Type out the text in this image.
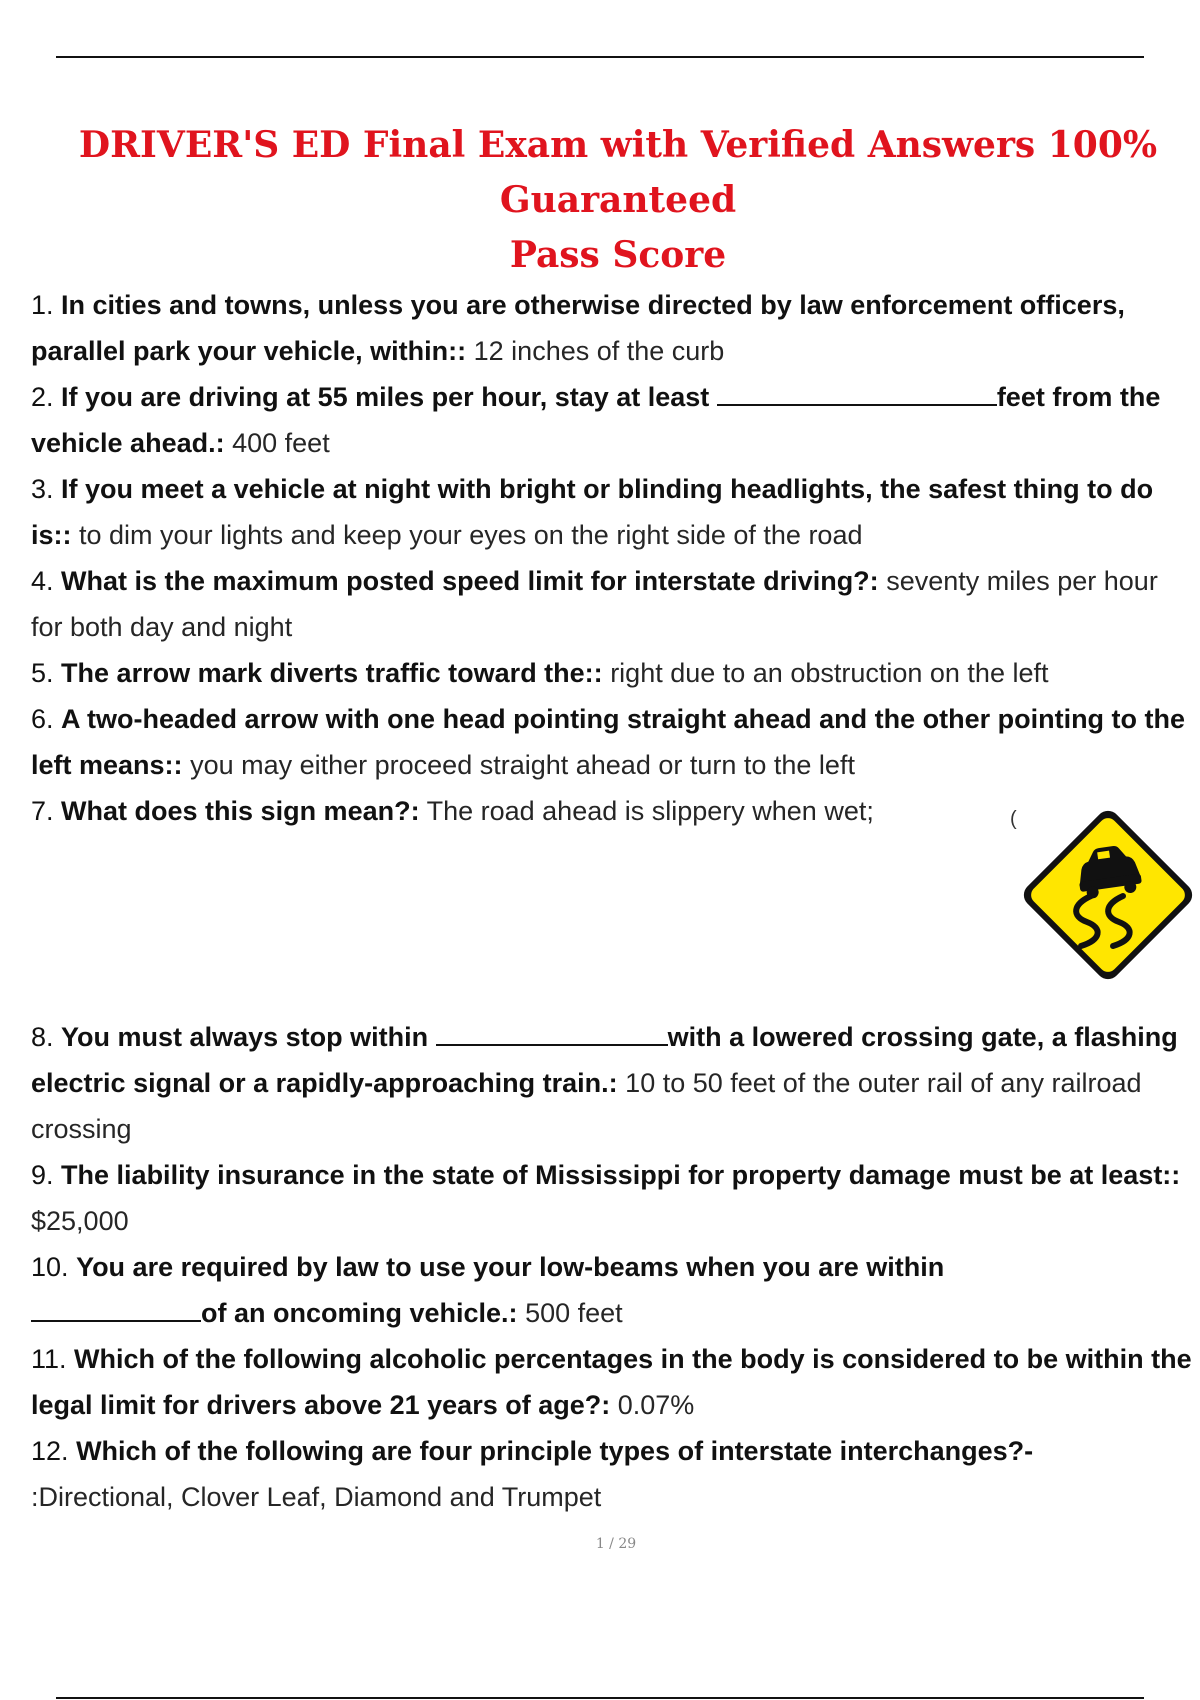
DRIVER'S ED Final Exam with Verified Answers 100% Guaranteed
Pass Score

1. In cities and towns, unless you are otherwise directed by law enforcement officers, parallel park your vehicle, within:: 12 inches of the curb

2. If you are driving at 55 miles per hour, stay at least	feet from the vehicle ahead.: 400 feet

3. If you meet a vehicle at night with bright or blinding headlights, the safest thing to do is:: to dim your lights and keep your eyes on the right side of the road

4. What is the maximum posted speed limit for interstate driving?: seventy miles per hour for both day and night

5. The arrow mark diverts traffic toward the:: right due to an obstruction on the left

6. A two-headed arrow with one head pointing straight ahead and the other pointing to the left means:: you may either proceed straight ahead or turn to the left

7. What does this sign mean?: The road ahead is slippery when wet;

8. You must always stop within	with a lowered crossing gate, a flashing electric signal or a rapidly-approaching train.: 10 to 50 feet of the outer rail of any railroad crossing

9. The liability insurance in the state of Mississippi for property damage must be at least:: $25,000

10. You are required by law to use your low-beams when you are within
of an oncoming vehicle.: 500 feet

11. Which of the following alcoholic percentages in the body is considered to be within the legal limit for drivers above 21 years of age?: 0.07%

12. Which of the following are four principle types of interstate interchanges?-
:Directional, Clover Leaf, Diamond and Trumpet

(
1 / 29
